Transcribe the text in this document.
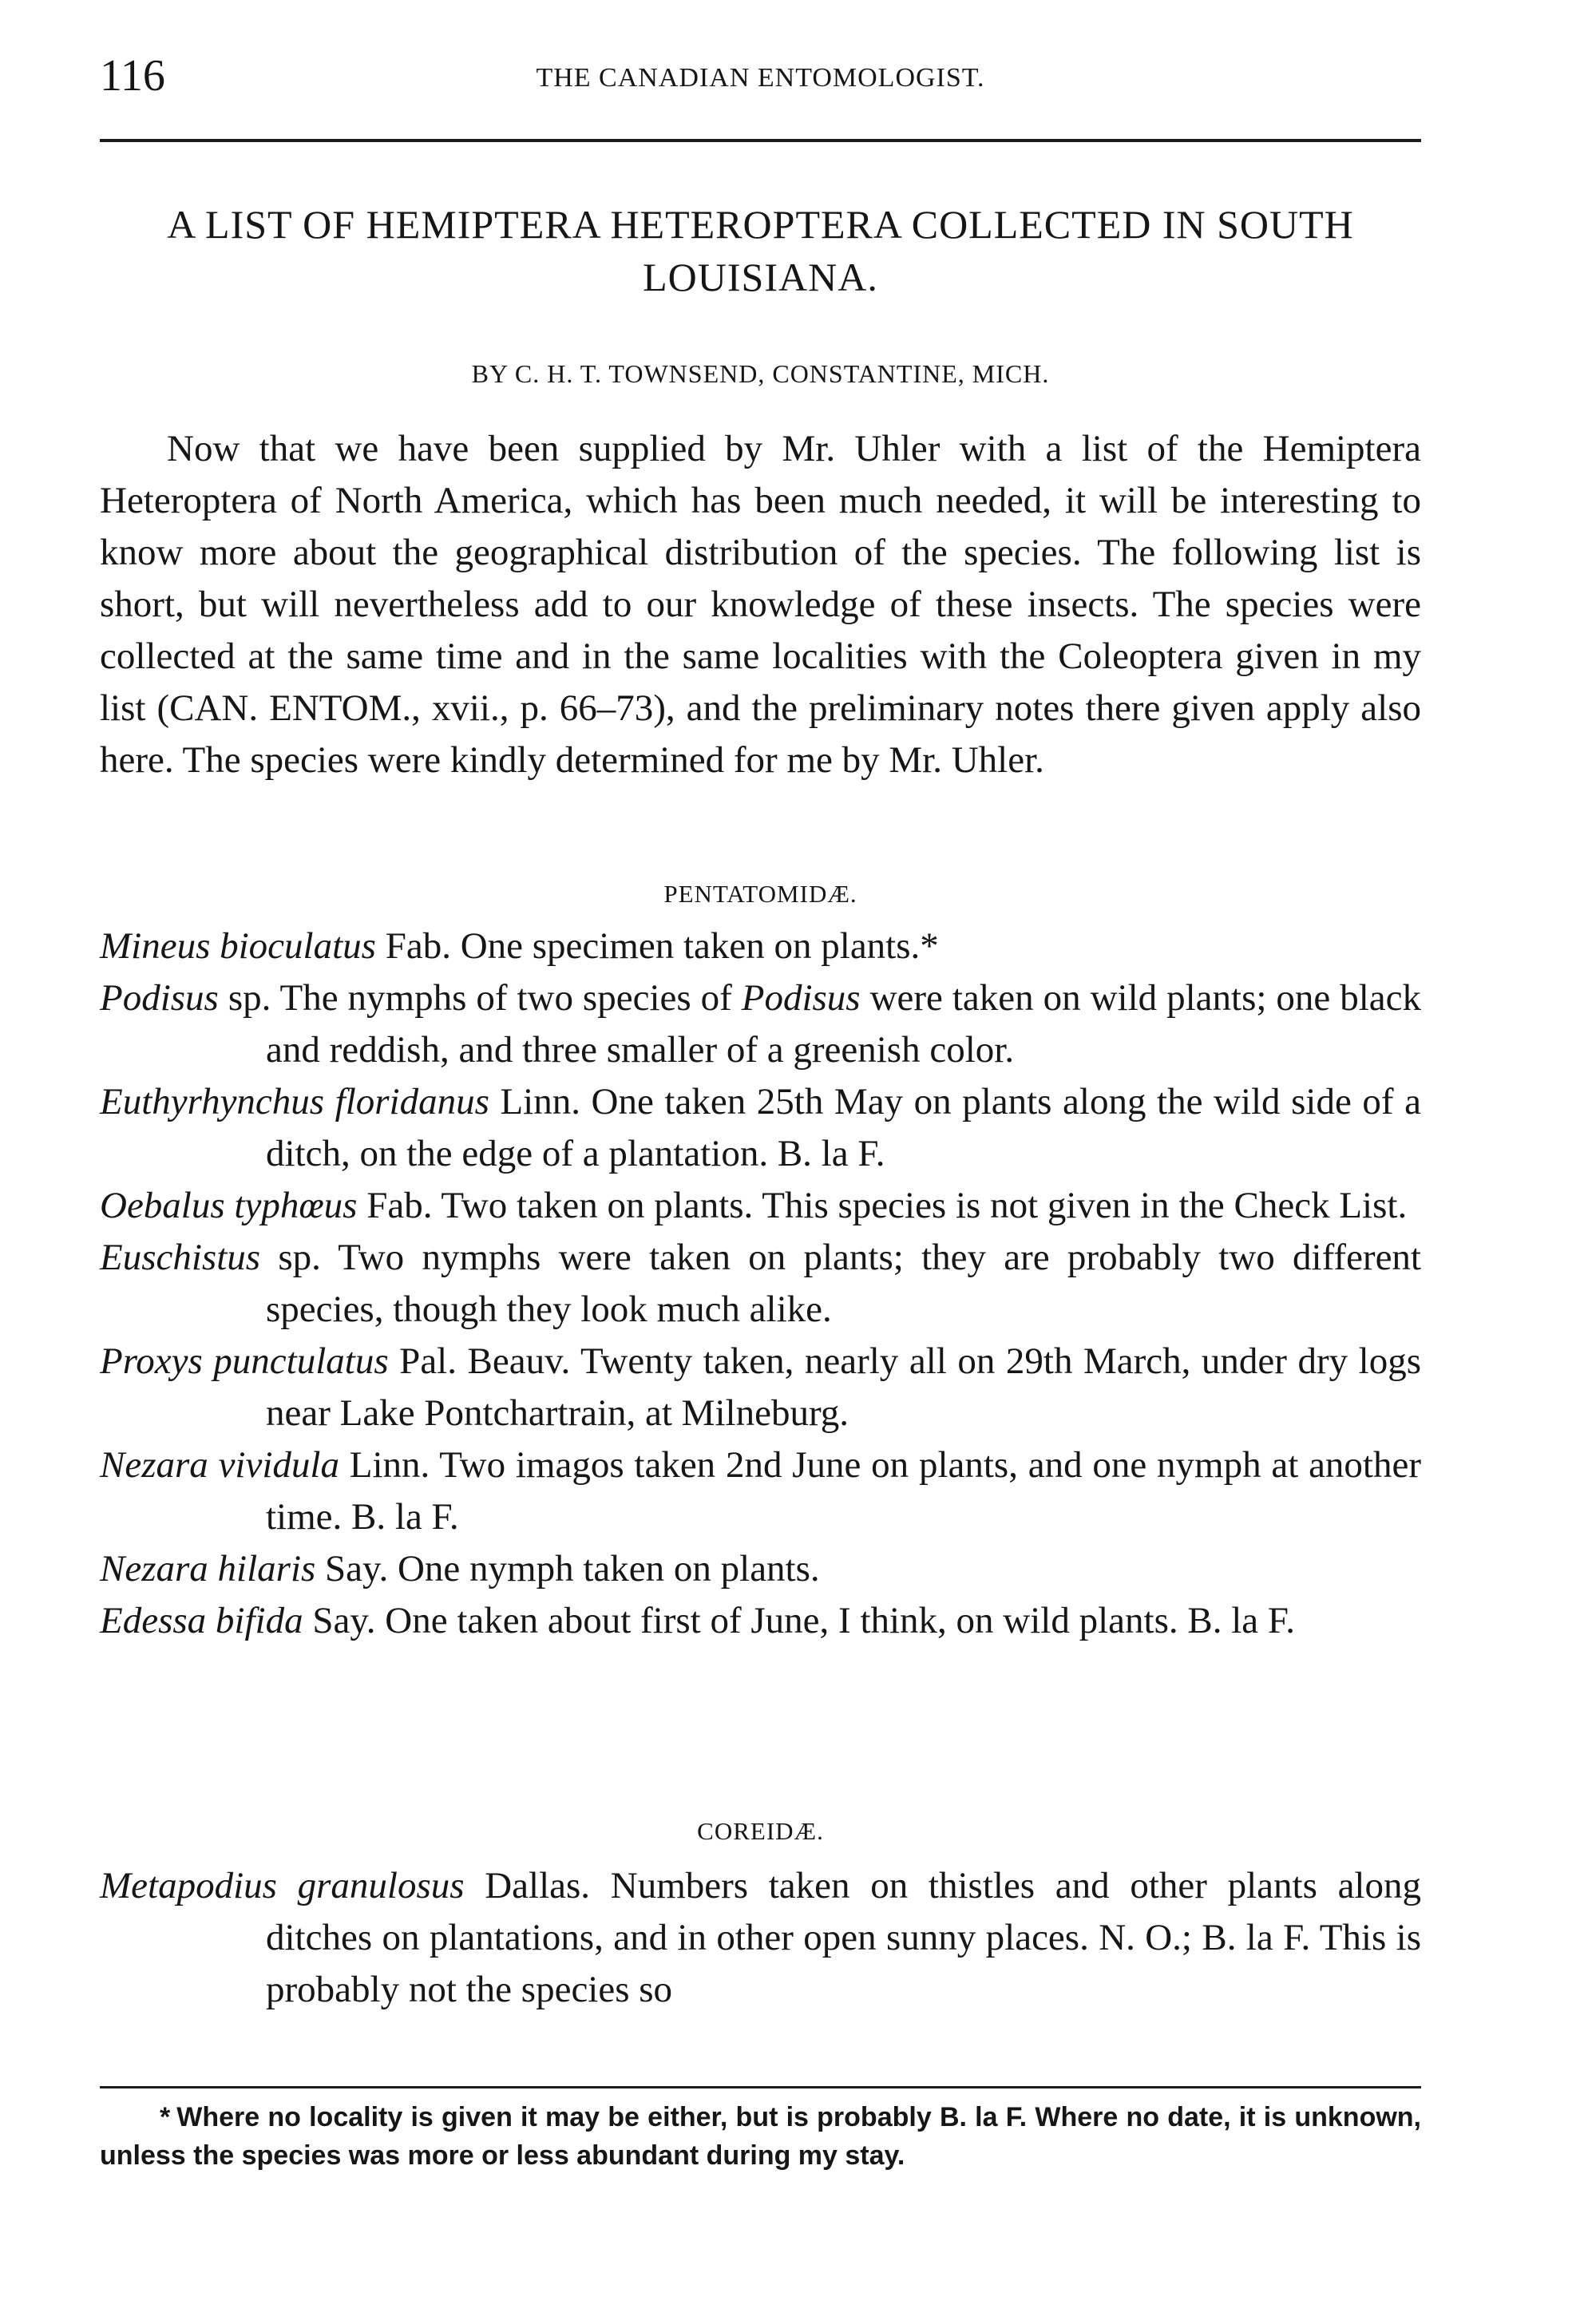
116	THE CANADIAN ENTOMOLOGIST.
A LIST OF HEMIPTERA HETEROPTERA COLLECTED IN SOUTH LOUISIANA.
BY C. H. T. TOWNSEND, CONSTANTINE, MICH.

Now that we have been supplied by Mr. Uhler with a list of the Hemiptera Heteroptera of North America, which has been much needed, it will be interesting to know more about the geographical distribution of the species. The following list is short, but will nevertheless add to our knowledge of these insects. The species were collected at the same time and in the same localities with the Coleoptera given in my list (CAN. ENTOM., xvii., p. 66–73), and the preliminary notes there given apply also here. The species were kindly determined for me by Mr. Uhler.

PENTATOMIDÆ.
Mineus bioculatus Fab. One specimen taken on plants.*
Podisus sp. The nymphs of two species of Podisus were taken on wild plants; one black and reddish, and three smaller of a greenish color.
Euthyrhynchus floridanus Linn. One taken 25th May on plants along the wild side of a ditch, on the edge of a plantation. B. la F.
Oebalus typhœus Fab. Two taken on plants. This species is not given in the Check List.
Euschistus sp. Two nymphs were taken on plants; they are probably two different species, though they look much alike.
Proxys punctulatus Pal. Beauv. Twenty taken, nearly all on 29th March, under dry logs near Lake Pontchartrain, at Milneburg.
Nezara vividula Linn. Two imagos taken 2nd June on plants, and one nymph at another time. B. la F.
Nezara hilaris Say. One nymph taken on plants.
Edessa bifida Say. One taken about first of June, I think, on wild plants. B. la F.
COREIDÆ.
Metapodius granulosus Dallas. Numbers taken on thistles and other plants along ditches on plantations, and in other open sunny places. N. O.; B. la F. This is probably not the species so

* Where no locality is given it may be either, but is probably B. la F. Where no date, it is unknown, unless the species was more or less abundant during my stay.
